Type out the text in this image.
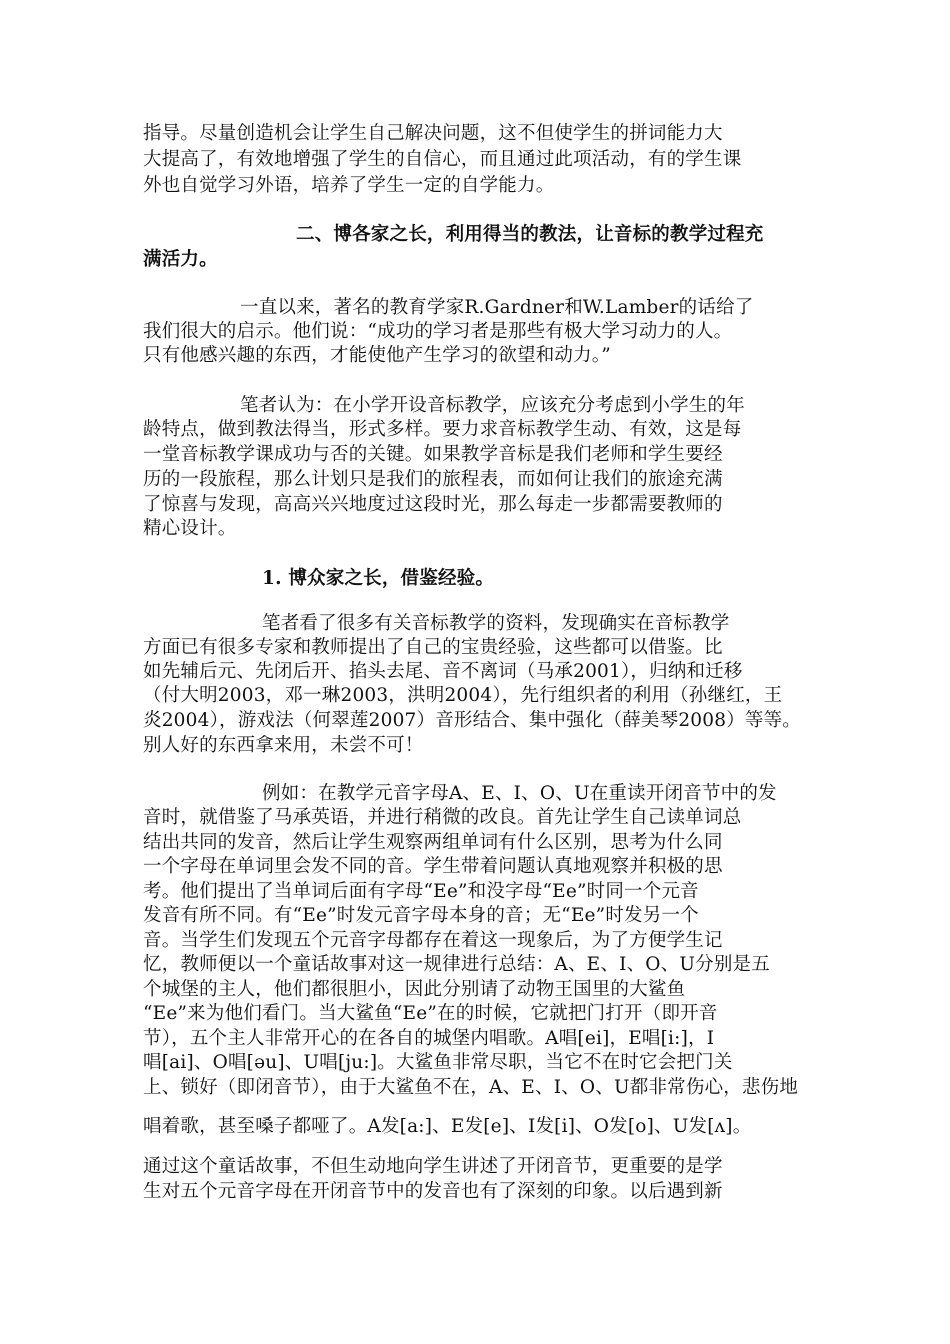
指导。尽量创造机会让学生自己解决问题，这不但使学生的拼词能力大
大提高了，有效地增强了学生的自信心，而且通过此项活动，有的学生课
外也自觉学习外语，培养了学生一定的自学能力。
二、博各家之长，利用得当的教法，让音标的教学过程充
满活力。
一直以来，著名的教育学家R.Gardner和W.Lamber的话给了
我们很大的启示。他们说：“成功的学习者是那些有极大学习动力的人。
只有他感兴趣的东西，才能使他产生学习的欲望和动力。”
笔者认为：在小学开设音标教学，应该充分考虑到小学生的年
龄特点，做到教法得当，形式多样。要力求音标教学生动、有效，这是每
一堂音标教学课成功与否的关键。如果教学音标是我们老师和学生要经
历的一段旅程，那么计划只是我们的旅程表，而如何让我们的旅途充满
了惊喜与发现，高高兴兴地度过这段时光，那么每走一步都需要教师的
精心设计。
1. 博众家之长，借鉴经验。
笔者看了很多有关音标教学的资料，发现确实在音标教学
方面已有很多专家和教师提出了自己的宝贵经验，这些都可以借鉴。比
如先辅后元、先闭后开、掐头去尾、音不离词（马承2001），归纳和迁移
（付大明2003，邓一琳2003，洪明2004），先行组织者的利用（孙继红，王
炎2004），游戏法（何翠莲2007）音形结合、集中强化（薛美琴2008）等等。
别人好的东西拿来用，未尝不可！
例如：在教学元音字母A、E、I、O、U在重读开闭音节中的发
音时，就借鉴了马承英语，并进行稍微的改良。首先让学生自己读单词总
结出共同的发音，然后让学生观察两组单词有什么区别，思考为什么同
一个字母在单词里会发不同的音。学生带着问题认真地观察并积极的思
考。他们提出了当单词后面有字母“Ee”和没字母“Ee”时同一个元音
发音有所不同。有“Ee”时发元音字母本身的音；无“Ee”时发另一个
音。当学生们发现五个元音字母都存在着这一现象后，为了方便学生记
忆，教师便以一个童话故事对这一规律进行总结：A、E、I、O、U分别是五
个城堡的主人，他们都很胆小，因此分别请了动物王国里的大鲨鱼
“Ee”来为他们看门。当大鲨鱼“Ee”在的时候，它就把门打开（即开音
节），五个主人非常开心的在各自的城堡内唱歌。A唱[ei]，E唱[i:]，I
唱[ai]、O唱[əu]、U唱[ju:]。大鲨鱼非常尽职，当它不在时它会把门关
上、锁好（即闭音节），由于大鲨鱼不在，A、E、I、O、U都非常伤心，悲伤地
唱着歌，甚至嗓子都哑了。A发[a:]、E发[e]、I发[i]、O发[o]、U发[ʌ]。
通过这个童话故事，不但生动地向学生讲述了开闭音节，更重要的是学
生对五个元音字母在开闭音节中的发音也有了深刻的印象。以后遇到新
